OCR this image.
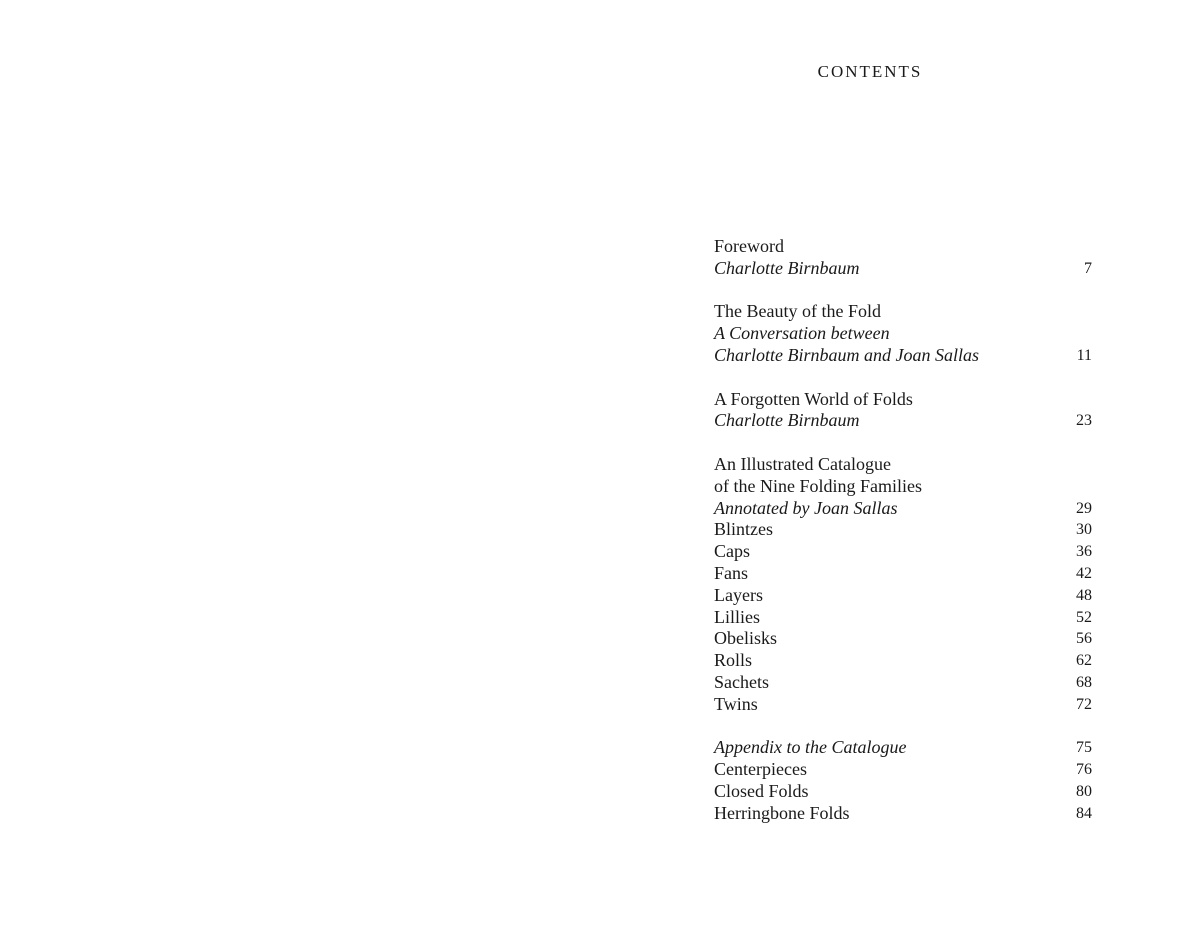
CONTENTS
Foreword
Charlotte Birnbaum	7
The Beauty of the Fold
A Conversation between
Charlotte Birnbaum and Joan Sallas	11
A Forgotten World of Folds
Charlotte Birnbaum	23
An Illustrated Catalogue
of the Nine Folding Families
Annotated by Joan Sallas	29
Blintzes	30
Caps	36
Fans	42
Layers	48
Lillies	52
Obelisks	56
Rolls	62
Sachets	68
Twins	72
Appendix to the Catalogue	75
Centerpieces	76
Closed Folds	80
Herringbone Folds	84
